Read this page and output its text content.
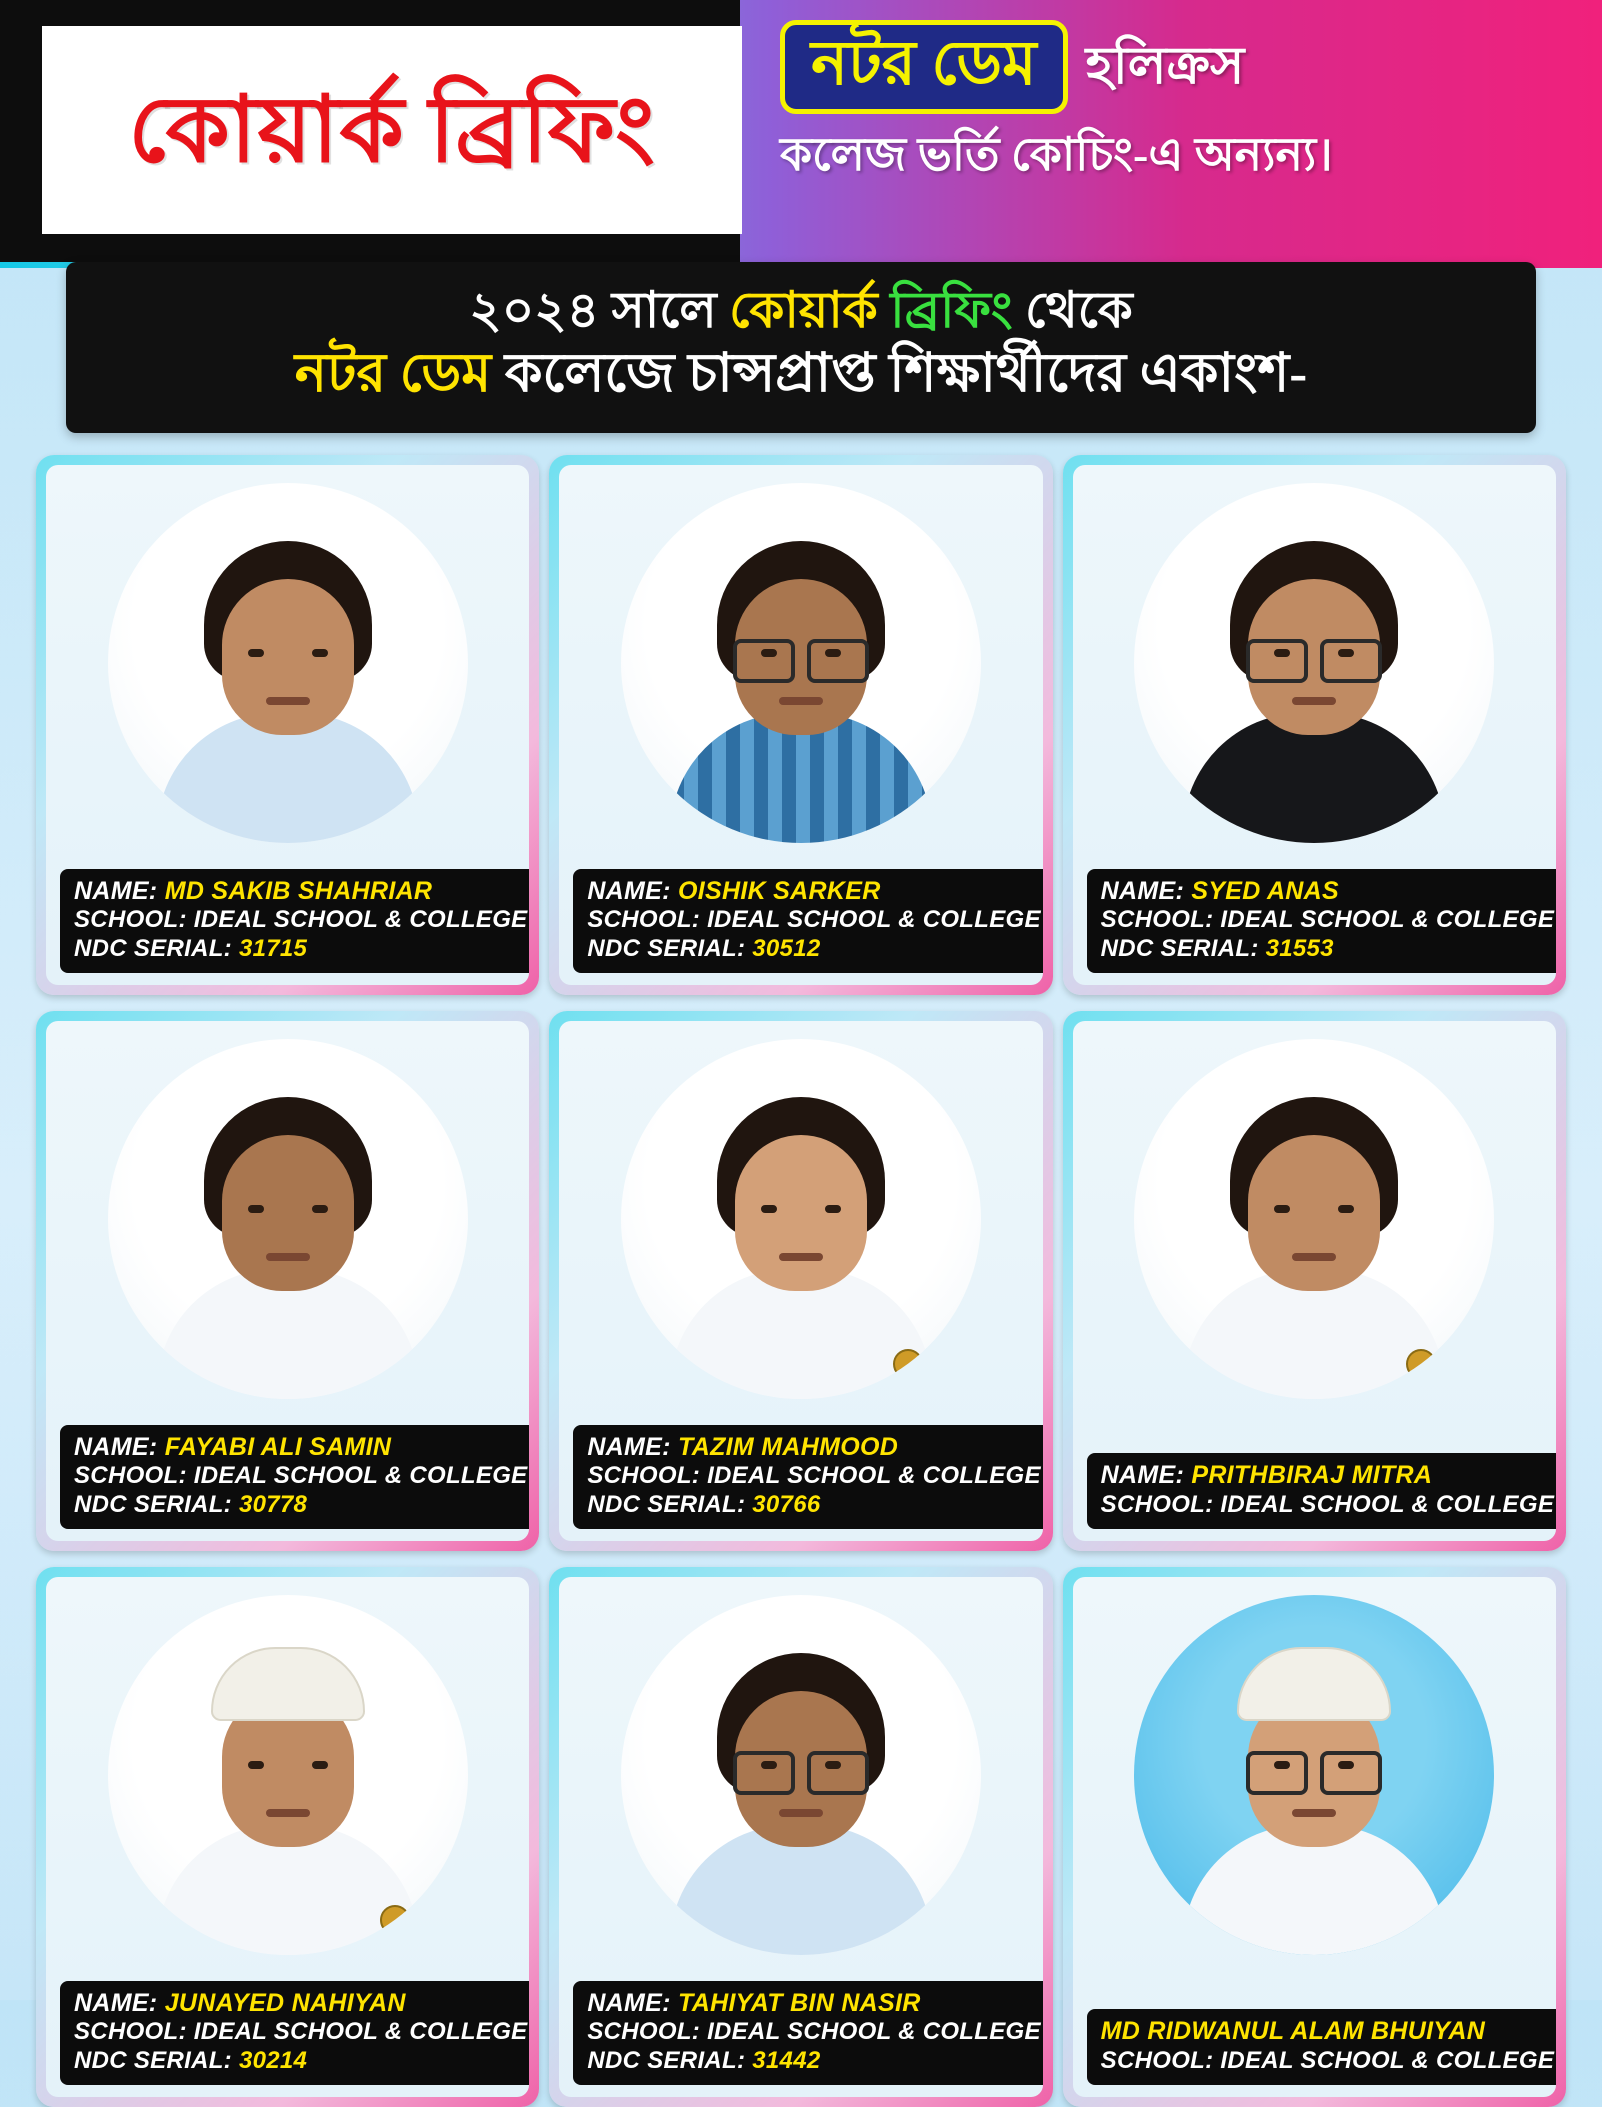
কোয়ার্ক ব্রিফিং
নটর ডেম হলিক্রস
কলেজ ভর্তি কোচিং-এ অন্যন্য।
২০২৪ সালে কোয়ার্ক ব্রিফিং থেকে
নটর ডেম কলেজে চান্সপ্রাপ্ত শিক্ষার্থীদের একাংশ-
NAME: MD SAKIB SHAHRIAR
SCHOOL: IDEAL SCHOOL & COLLEGE
NDC SERIAL: 31715
NAME: OISHIK SARKER
SCHOOL: IDEAL SCHOOL & COLLEGE
NDC SERIAL: 30512
NAME: SYED ANAS
SCHOOL: IDEAL SCHOOL & COLLEGE
NDC SERIAL: 31553
NAME: FAYABI ALI SAMIN
SCHOOL: IDEAL SCHOOL & COLLEGE
NDC SERIAL: 30778
NAME: TAZIM MAHMOOD
SCHOOL: IDEAL SCHOOL & COLLEGE
NDC SERIAL: 30766
NAME: PRITHBIRAJ MITRA
SCHOOL: IDEAL SCHOOL & COLLEGE
NAME: JUNAYED NAHIYAN
SCHOOL: IDEAL SCHOOL & COLLEGE
NDC SERIAL: 30214
NAME: TAHIYAT BIN NASIR
SCHOOL: IDEAL SCHOOL & COLLEGE
NDC SERIAL: 31442
MD RIDWANUL ALAM BHUIYAN
SCHOOL: IDEAL SCHOOL & COLLEGE
